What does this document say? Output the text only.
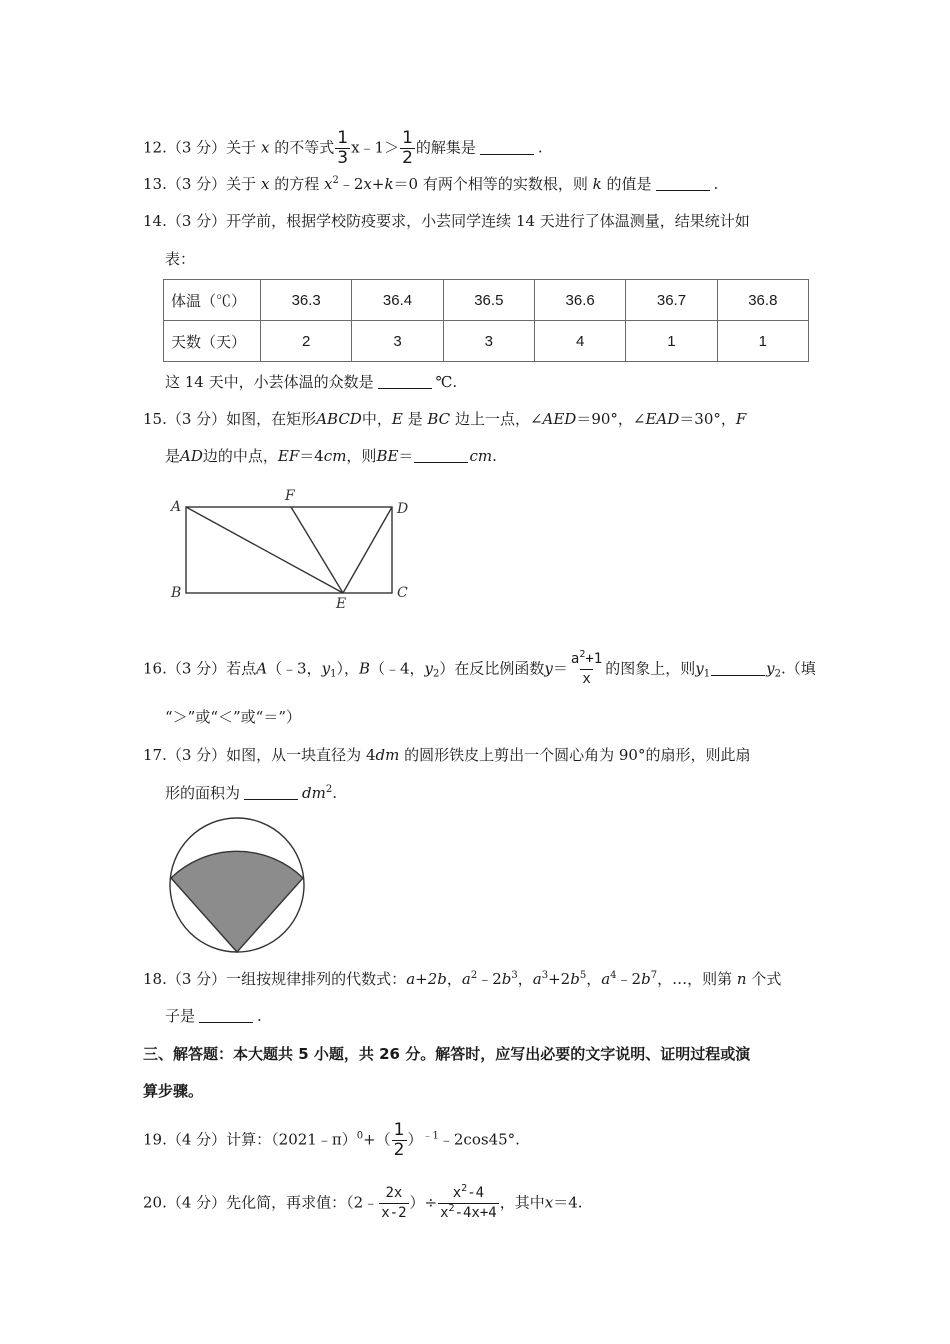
12.（3 分）关于 x 的不等式 $\frac{1}{3}$ x﹣1＞ $\frac{1}{2}$ 的解集是	.
13.（3 分）关于 x 的方程 $x^2﹣2x+k=0$ 有两个相等的实数根，则 k 的值是	.
14.（3 分）开学前，根据学校防疫要求，小芸同学连续 14 天进行了体温测量，结果统计如
表：
体温（℃）	36.3	36.4	36.5	36.6	36.7	36.8
天数（天）	2	3	3	4	1	1
这 14 天中，小芸体温的众数是	℃.
15.（3 分）如图，在矩形ABCD中，E 是 BC 边上一点，∠AED＝90°，∠EAD＝30°，F
是AD边的中点，EF＝4cm，则BE＝	cm.
A
B	C
D
E
F
16.（3 分）若点A（﹣3，$y_1$），B（﹣4，$y_2$）在反比例函数$y= \frac{a^2+1}{x}$ 的图象上，则$y_1$	$y_2$.（填
“＞”或“＜”或“＝”）
17.（3 分）如图，从一块直径为 4dm 的圆形铁皮上剪出一个圆心角为 90°的扇形，则此扇
形的面积为	$dm^2$.
18.（3 分）一组按规律排列的代数式：a+2b，$a^2﹣2b^3$，$a^3+2b^5$，$a^4﹣2b^7$，…，则第 n 个式
子是	.
三、解答题：本大题共 5 小题，共 26 分。解答时，应写出必要的文字说明、证明过程或演
算步骤。
19.（4 分）计算：（2021﹣π）$^0$+（ $\frac{1}{2}$ ）$^{﹣1}$﹣2cos45°.
20.（4 分）先化简，再求值：（2﹣ $\frac{2x}{x-2}$ ）÷ $\frac{x^2-4}{x^2-4x+4}$ ，其中x＝4.
